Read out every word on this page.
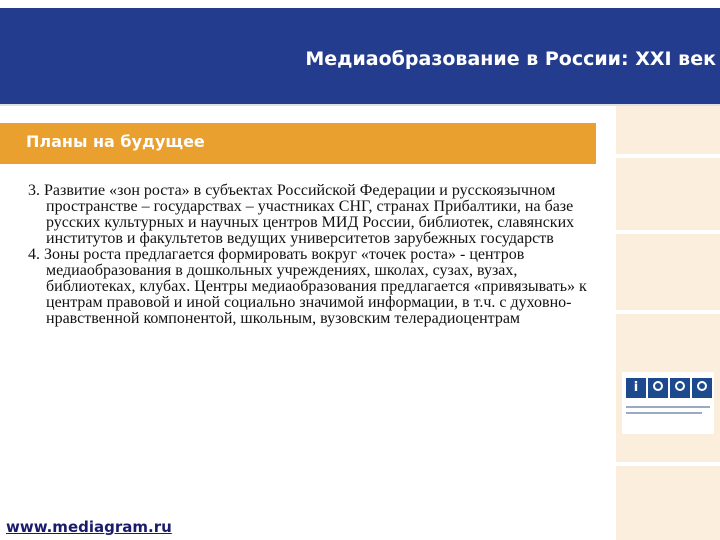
Медиаобразование в России: XXI век
Планы на будущее

3. Развитие «зон роста» в субъектах Российской Федерации и русскоязычном пространстве – государствах – участниках СНГ, странах Прибалтики, на базе русских культурных и научных центров МИД России, библиотек, славянских институтов и факультетов ведущих университетов зарубежных государств

4. Зоны роста предлагается формировать вокруг «точек роста» - центров медиаобразования в дошкольных учреждениях, школах, сузах, вузах, библиотеках, клубах. Центры медиаобразования предлагается «привязывать» к центрам правовой и иной социально значимой информации, в т.ч. с духовно-нравственной компонентой, школьным, вузовским телерадиоцентрам

i
www.mediagram.ru
